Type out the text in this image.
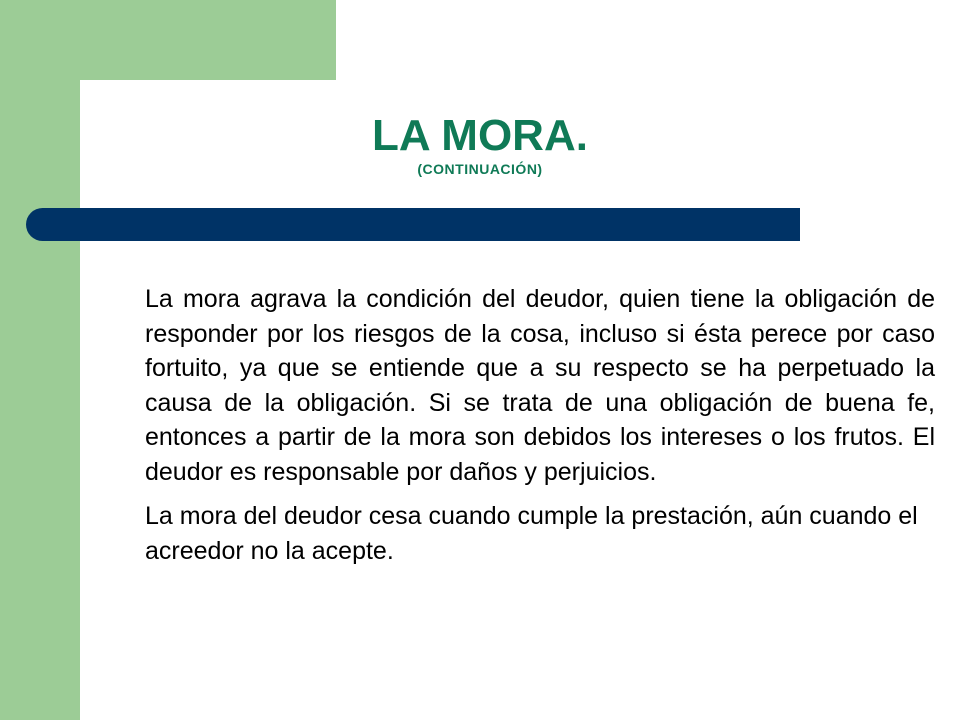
LA MORA.
(CONTINUACIÓN)

La mora agrava la condición del deudor, quien tiene la obligación de responder por los riesgos de la cosa, incluso si ésta perece por caso fortuito, ya que se entiende que a su respecto se ha perpetuado la causa de la obligación. Si se trata de una obligación de buena fe, entonces a partir de la mora son debidos los intereses o los frutos. El deudor es responsable por daños y perjuicios.

La mora del deudor cesa cuando cumple la prestación, aún cuando el acreedor no la acepte.
